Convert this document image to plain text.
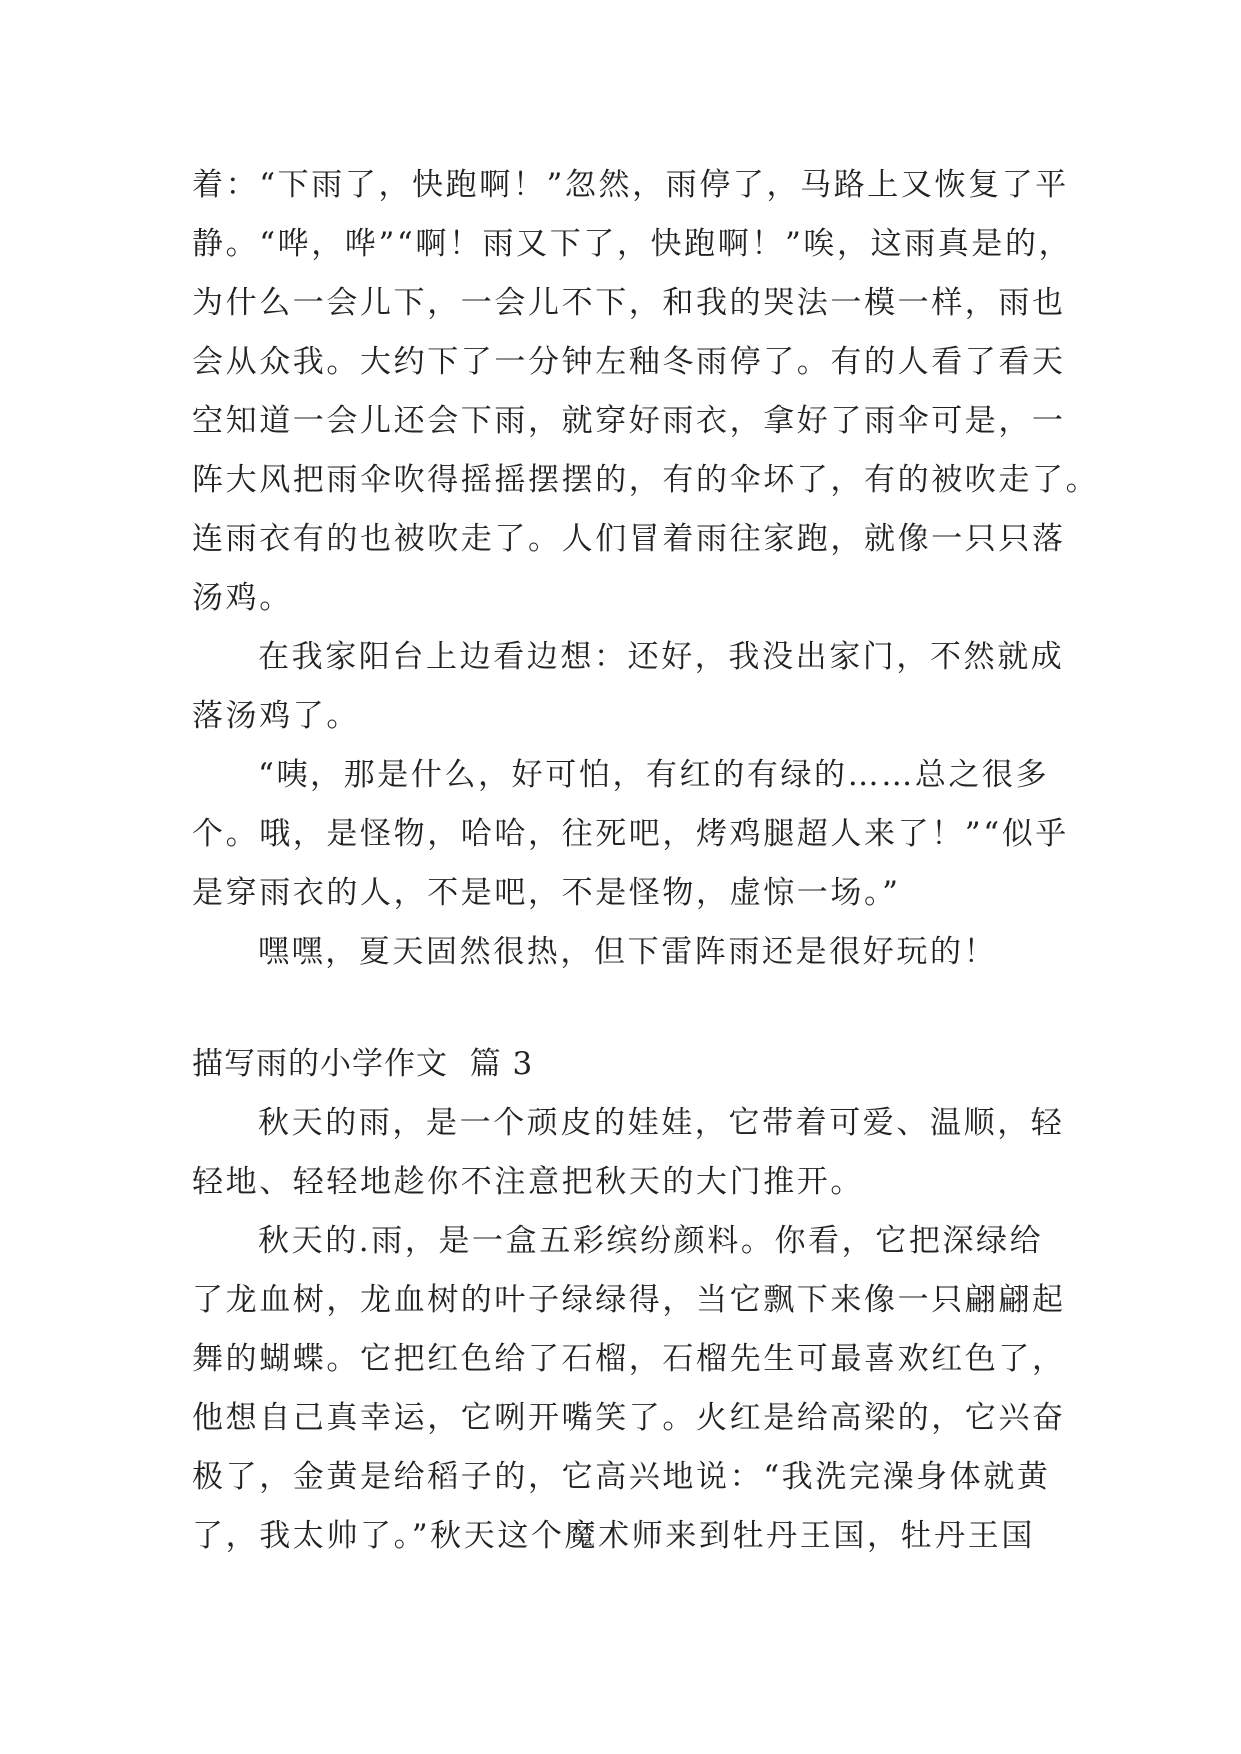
着：“下雨了，快跑啊！”忽然，雨停了，马路上又恢复了平
静。“哗，哗”“啊！雨又下了，快跑啊！”唉，这雨真是的，
为什么一会儿下，一会儿不下，和我的哭法一模一样，雨也
会从众我。大约下了一分钟左釉冬雨停了。有的人看了看天
空知道一会儿还会下雨，就穿好雨衣，拿好了雨伞可是，一
阵大风把雨伞吹得摇摇摆摆的，有的伞坏了，有的被吹走了。
连雨衣有的也被吹走了。人们冒着雨往家跑，就像一只只落
汤鸡。
在我家阳台上边看边想：还好，我没出家门，不然就成
落汤鸡了。
“咦，那是什么，好可怕，有红的有绿的……总之很多
个。哦，是怪物，哈哈，往死吧，烤鸡腿超人来了！”“似乎
是穿雨衣的人，不是吧，不是怪物，虚惊一场。”
嘿嘿，夏天固然很热，但下雷阵雨还是很好玩的！
描写雨的小学作文  篇 3
秋天的雨，是一个顽皮的娃娃，它带着可爱、温顺，轻
轻地、轻轻地趁你不注意把秋天的大门推开。
秋天的.雨，是一盒五彩缤纷颜料。你看，它把深绿给
了龙血树，龙血树的叶子绿绿得，当它飘下来像一只翩翩起
舞的蝴蝶。它把红色给了石榴，石榴先生可最喜欢红色了，
他想自己真幸运，它咧开嘴笑了。火红是给高梁的，它兴奋
极了，金黄是给稻子的，它高兴地说：“我洗完澡身体就黄
了，我太帅了。”秋天这个魔术师来到牡丹王国，牡丹王国
